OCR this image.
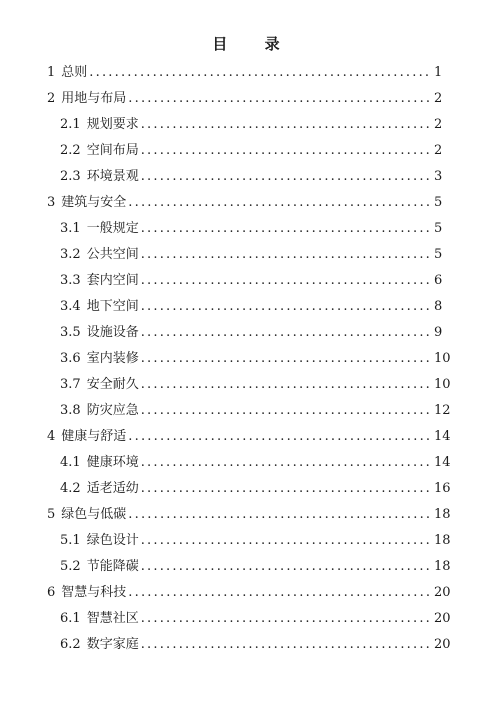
目 录
1 总则 .....	1
2 用地与布局 .....	2
2.1 规划要求 .....	2
2.2 空间布局 .....	2
2.3 环境景观 .....	3
3 建筑与安全 .....	5
3.1 一般规定 .....	5
3.2 公共空间 .....	5
3.3 套内空间 .....	6
3.4 地下空间 .....	8
3.5 设施设备 .....	9
3.6 室内装修 .....	10
3.7 安全耐久 .....	10
3.8 防灾应急 .....	12
4 健康与舒适 .....	14
4.1 健康环境 .....	14
4.2 适老适幼 .....	16
5 绿色与低碳 .....	18
5.1 绿色设计 .....	18
5.2 节能降碳 .....	18
6 智慧与科技 .....	20
6.1 智慧社区 .....	20
6.2 数字家庭 .....	20
